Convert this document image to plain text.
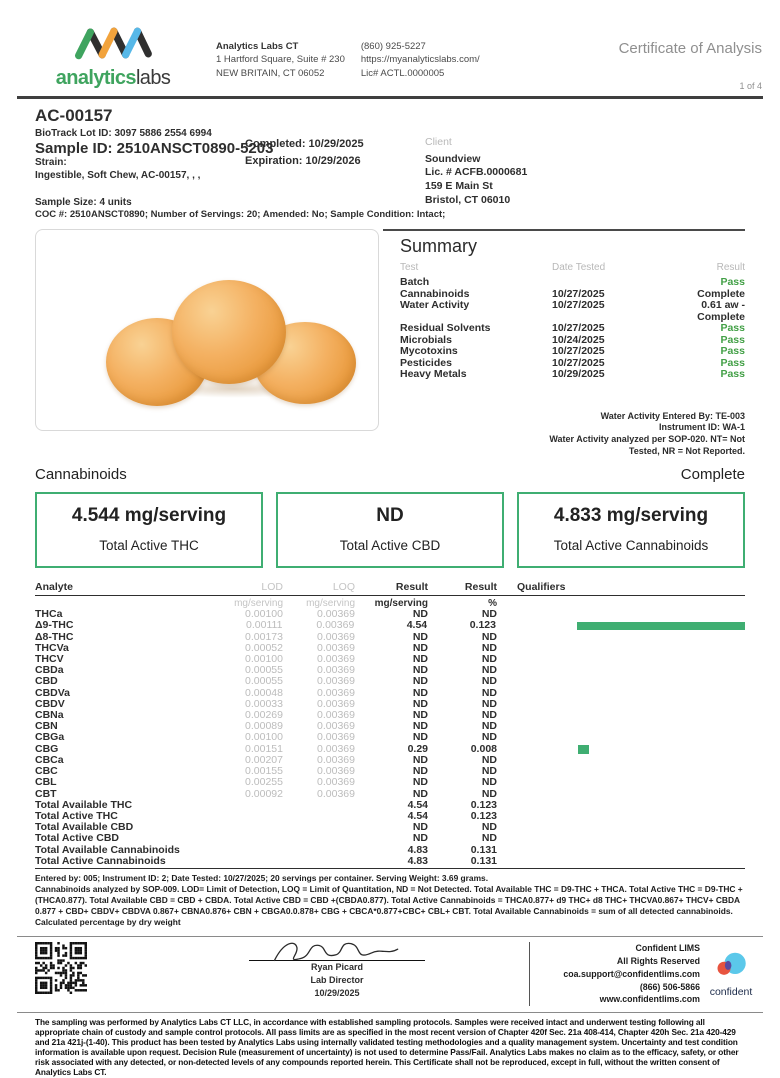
analyticslabs
Analytics Labs CT
1 Hartford Square, Suite # 230
NEW BRITAIN, CT 06052
(860) 925-5227
https://myanalyticslabs.com/
Lic# ACTL.0000005
Certificate of Analysis
1 of 4
AC-00157
BioTrack Lot ID: 3097 5886 2554 6994
Sample ID: 2510ANSCT0890-5203
Strain:
Ingestible, Soft Chew, AC-00157, , ,
Completed: 10/29/2025
Expiration: 10/29/2026
Client
Soundview
Lic. # ACFB.0000681
159 E Main St
Bristol, CT 06010
Sample Size: 4 units
COC #: 2510ANSCT0890; Number of Servings: 20; Amended: No; Sample Condition: Intact;
Summary
Test	Date Tested	Result
Batch	Pass
Cannabinoids	10/27/2025	Complete
Water Activity	10/27/2025	0.61 aw - Complete
Residual Solvents	10/27/2025	Pass
Microbials	10/24/2025	Pass
Mycotoxins	10/27/2025	Pass
Pesticides	10/27/2025	Pass
Heavy Metals	10/29/2025	Pass
Water Activity Entered By: TE-003
Instrument ID: WA-1
Water Activity analyzed per SOP-020. NT= Not
Tested, NR = Not Reported.
Cannabinoids	Complete
4.544 mg/serving
Total Active THC
ND
Total Active CBD
4.833 mg/serving
Total Active Cannabinoids
Analyte	LOD	LOQ	Result	Result	Qualifiers
mg/serving	mg/serving	mg/serving	%
THCa	0.00100	0.00369	ND	ND
Δ9-THC	0.00111	0.00369	4.54	0.123
Δ8-THC	0.00173	0.00369	ND	ND
THCVa	0.00052	0.00369	ND	ND
THCV	0.00100	0.00369	ND	ND
CBDa	0.00055	0.00369	ND	ND
CBD	0.00055	0.00369	ND	ND
CBDVa	0.00048	0.00369	ND	ND
CBDV	0.00033	0.00369	ND	ND
CBNa	0.00269	0.00369	ND	ND
CBN	0.00089	0.00369	ND	ND
CBGa	0.00100	0.00369	ND	ND
CBG	0.00151	0.00369	0.29	0.008
CBCa	0.00207	0.00369	ND	ND
CBC	0.00155	0.00369	ND	ND
CBL	0.00255	0.00369	ND	ND
CBT	0.00092	0.00369	ND	ND
Total Available THC	4.54	0.123
Total Active THC	4.54	0.123
Total Available CBD	ND	ND
Total Active CBD	ND	ND
Total Available Cannabinoids	4.83	0.131
Total Active Cannabinoids	4.83	0.131

Entered by: 005; Instrument ID: 2; Date Tested: 10/27/2025; 20 servings per container. Serving Weight: 3.69 grams.

Cannabinoids analyzed by SOP-009. LOD= Limit of Detection, LOQ = Limit of Quantitation, ND = Not Detected. Total Available THC = D9-THC + THCA. Total Active THC = D9-THC + (THCA0.877). Total Available CBD = CBD + CBDA. Total Active CBD = CBD +(CBDA0.877). Total Active Cannabinoids = THCA0.877+ d9 THC+ d8 THC+ THCVA0.867+ THCV+ CBDA 0.877 + CBD+ CBDV+ CBDVA 0.867+ CBNA0.876+ CBN + CBGA0.0.878+ CBG + CBCA*0.877+CBC+ CBL+ CBT. Total Available Cannabinoids = sum of all detected cannabinoids. Calculated percentage by dry weight

Ryan Picard
Lab Director
10/29/2025
Confident LIMS
All Rights Reserved
coa.support@confidentlims.com
(866) 506-5866
www.confidentlims.com
confident
The sampling was performed by Analytics Labs CT LLC, in accordance with established sampling protocols. Samples were received intact and underwent testing following all appropriate chain of custody and sample control protocols. All pass limits are as specified in the most recent version of Chapter 420f Sec. 21a 408-414, Chapter 420h Sec. 21a 420-429 and 21a 421j-(1-40). This product has been tested by Analytics Labs using internally validated testing methodologies and a quality management system. Uncertainty and test condition information is available upon request. Decision Rule (measurement of uncertainty) is not used to determine Pass/Fail. Analytics Labs makes no claim as to the efficacy, safety, or other risk associated with any detected, or non-detected levels of any compounds reported herein. This Certificate shall not be reproduced, except in full, without the written consent of Analytics Labs CT.
